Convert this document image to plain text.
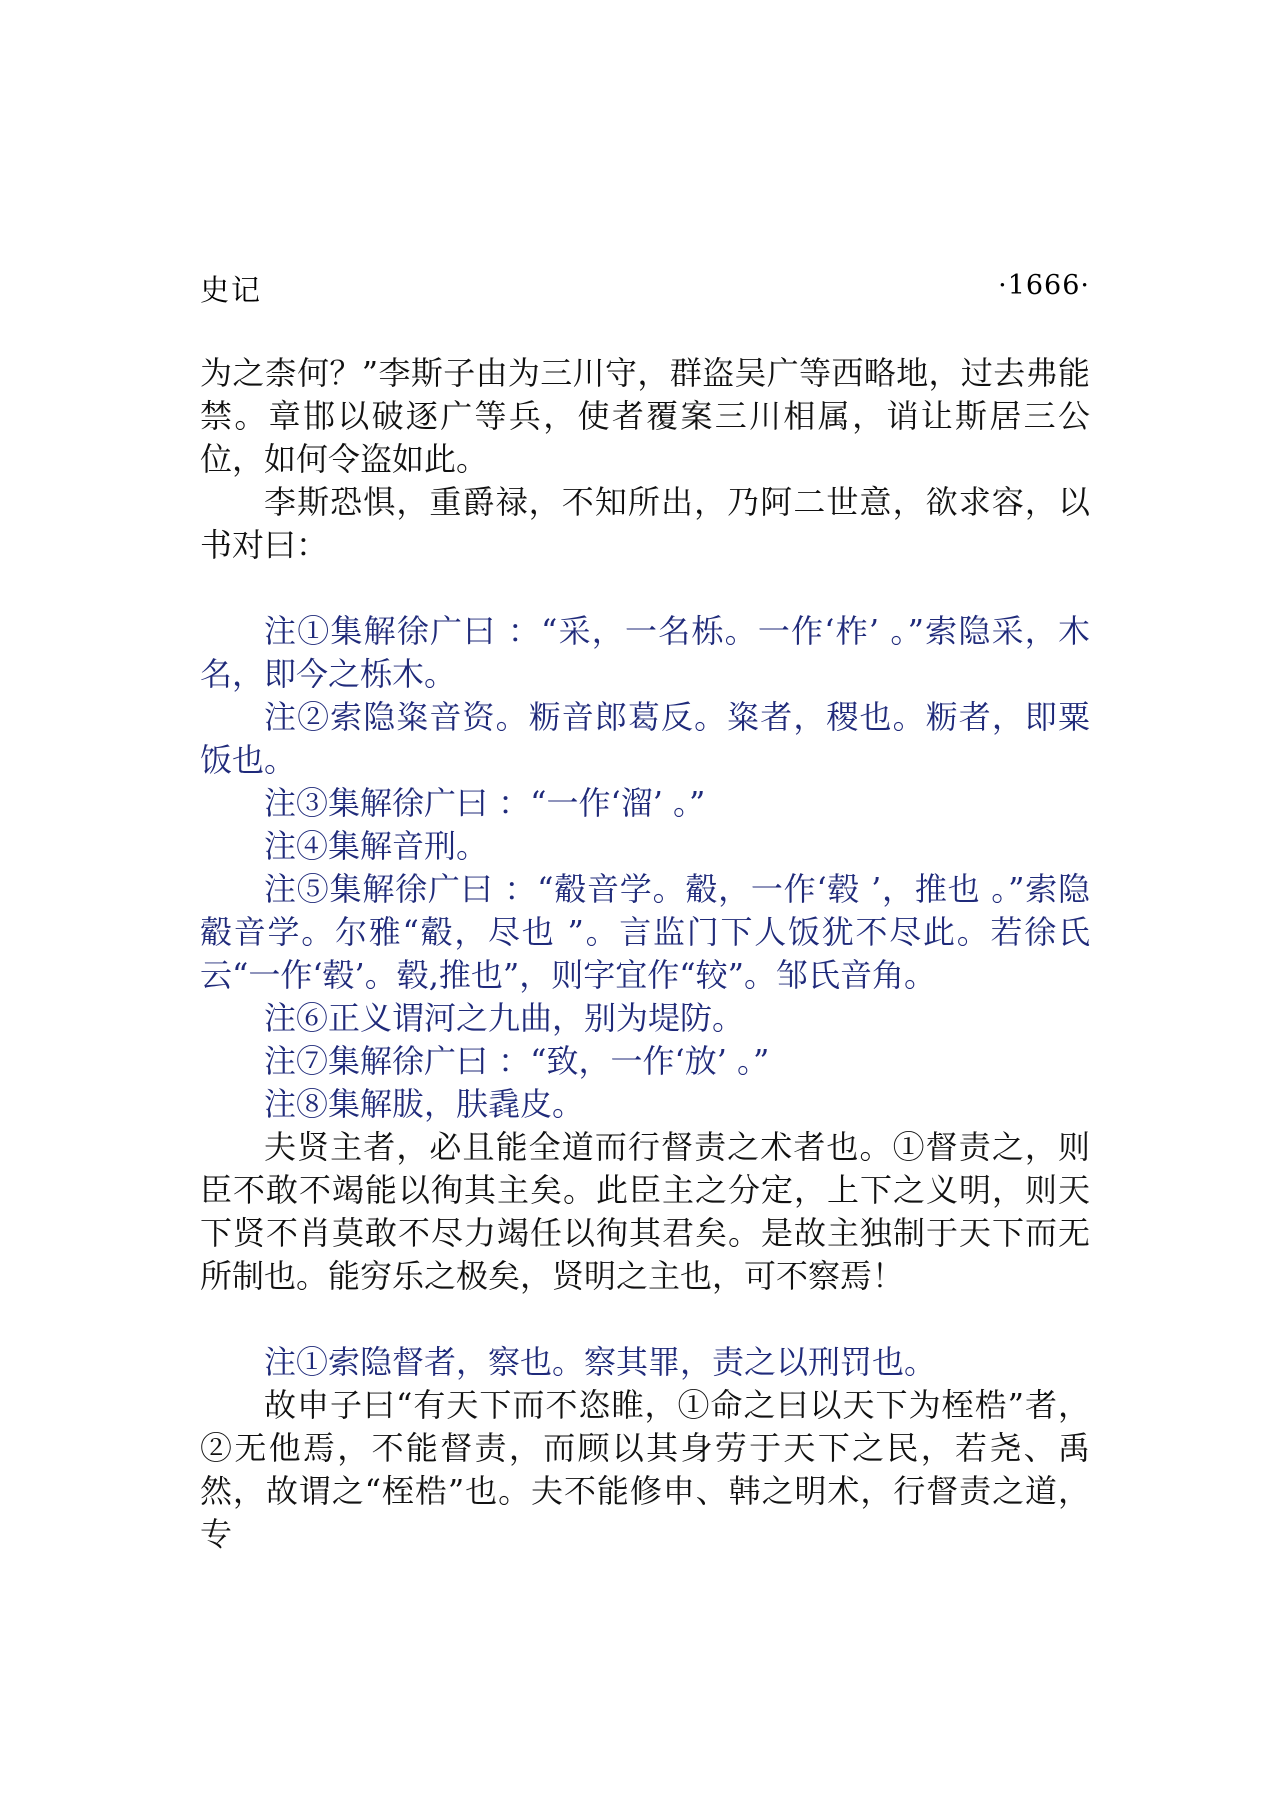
史记	·1666·

为之柰何？”李斯子由为三川守，群盗吴广等西略地，过去弗能禁。章邯以破逐广等兵，使者覆案三川相属，诮让斯居三公位，如何令盗如此。

李斯恐惧，重爵禄，不知所出，乃阿二世意，欲求容，以书对曰：

注①集解徐广曰 ：“采，一名栎。一作‘柞’ 。”索隐采，木名，即今之栎木。

注②索隐粢音资。粝音郎葛反。粢者，稷也。粝者，即粟饭也。

注③集解徐广曰 ：“一作‘溜’ 。”

注④集解音刑。

注⑤集解徐广曰 ：“觳音学。觳，一作‘毂 ’，推也 。”索隐觳音学。尔雅“觳，尽也 ”。言监门下人饭犹不尽此。若徐氏云“一作‘毂’。毂,推也”，则字宜作“较”。邹氏音角。

注⑥正义谓河之九曲，别为堤防。

注⑦集解徐广曰 ：“致，一作‘放’ 。”

注⑧集解胈，肤毳皮。

夫贤主者，必且能全道而行督责之术者也。①督责之，则臣不敢不竭能以徇其主矣。此臣主之分定，上下之义明，则天下贤不肖莫敢不尽力竭任以徇其君矣。是故主独制于天下而无所制也。能穷乐之极矣，贤明之主也，可不察焉！

注①索隐督者，察也。察其罪，责之以刑罚也。

故申子曰“有天下而不恣睢，①命之曰以天下为桎梏”者，②无他焉，不能督责，而顾以其身劳于天下之民，若尧、禹然，故谓之“桎梏”也。夫不能修申、韩之明术，行督责之道，专
